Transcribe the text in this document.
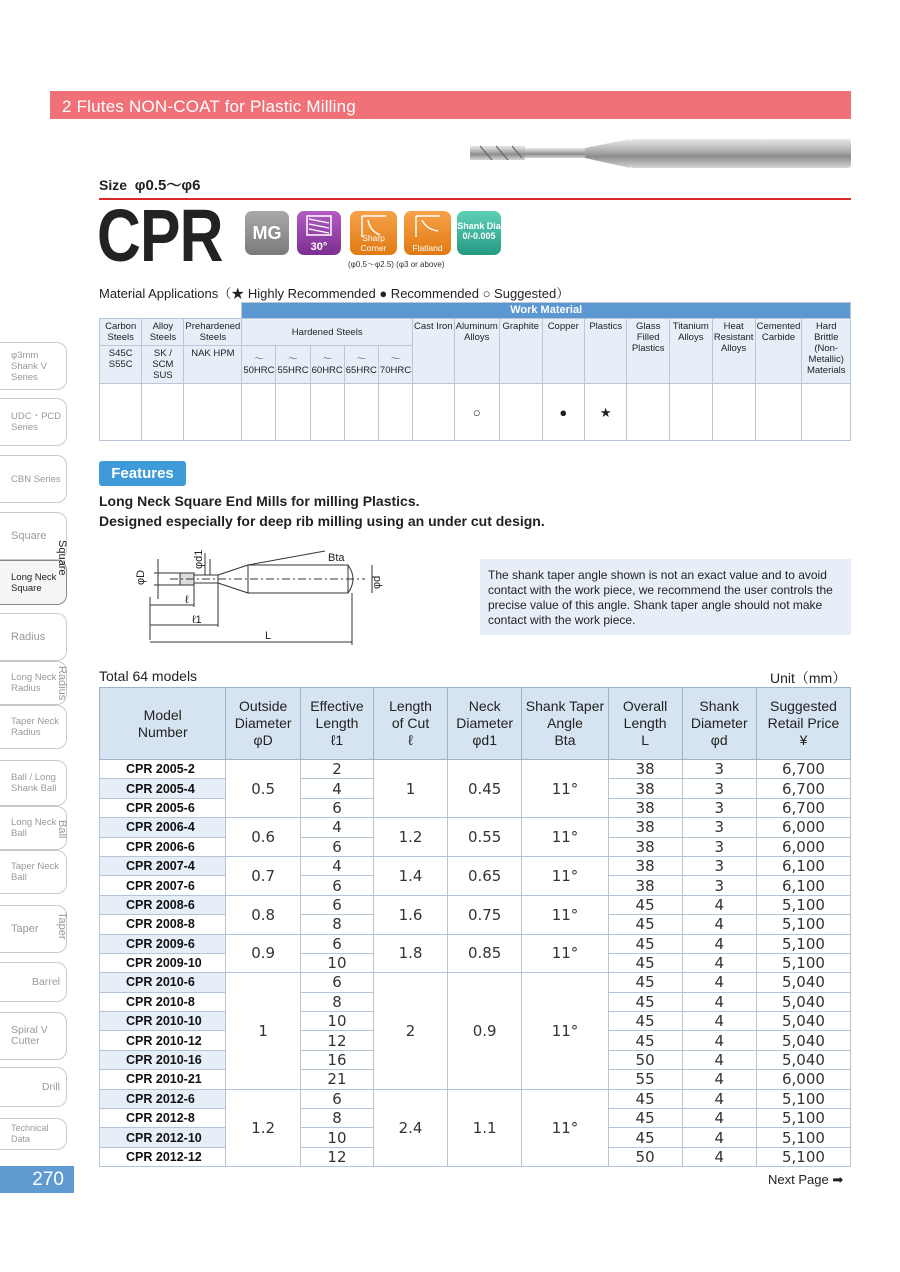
2 Flutes NON-COAT for Plastic Milling
Size φ0.5〜φ6
CPR	MG
30°
Sharp Corner	Flatland
Shank Dia
0/-0.005
(φ0.5〜φ2.5) (φ3 or above)
Material Applications（★ Highly Recommended ● Recommended ○ Suggested）
			Work Material														
Carbon Steels	Alloy Steels	Prehardened Steels	Hardened Steels					Cast Iron	Aluminum Alloys	Graphite	Copper	Plastics	Glass Filled Plastics	Titanium Alloys	Heat Resistant Alloys	Cemented Carbide	Hard Brittle (Non-Metallic) Materials
S45C S55C	SK / SCM SUS	NAK HPM	〜50HRC	〜55HRC	〜60HRC	〜65HRC	〜70HRC										
									○		●	★					
Features
Long Neck Square End Mills for milling Plastics.
Designed especially for deep rib milling using an under cut design.
φD
φd1	Bta
φd
ℓ
ℓ1
L
The shank taper angle shown is not an exact value and to avoid contact with the work piece, we recommend the user controls the precise value of this angle. Shank taper angle should not make contact with the work piece.
φ3mm Shank V Series
UDC・PCD Series
CBN Series
Square
Long Neck Square
Square
Radius
Long Neck Radius
Taper Neck Radius
Radius
Ball / Long Shank Ball
Long Neck Ball
Taper Neck Ball
Ball
Taper	Taper
Barrel
Spiral V Cutter
Drill
Technical Data
270
Total 64 models	Unit（mm）
Model
Number	Outside
Diameter
φD	Effective
Length
ℓ1	Length
of Cut
ℓ	Neck
Diameter
φd1	Shank Taper
Angle
Bta	Overall
Length
L	Shank
Diameter
φd	Suggested
Retail Price
¥
CPR 2005-2	0.5	2	1	0.45	11°	38	3	6,700
CPR 2005-4		4				38	3	6,700
CPR 2005-6		6				38	3	6,700
CPR 2006-4	0.6	4	1.2	0.55	11°	38	3	6,000
CPR 2006-6		6				38	3	6,000
CPR 2007-4	0.7	4	1.4	0.65	11°	38	3	6,100
CPR 2007-6		6				38	3	6,100
CPR 2008-6	0.8	6	1.6	0.75	11°	45	4	5,100
CPR 2008-8		8				45	4	5,100
CPR 2009-6	0.9	6	1.8	0.85	11°	45	4	5,100
CPR 2009-10		10				45	4	5,100
CPR 2010-6	1	6	2	0.9	11°	45	4	5,040
CPR 2010-8		8				45	4	5,040
CPR 2010-10		10				45	4	5,040
CPR 2010-12		12				45	4	5,040
CPR 2010-16		16				50	4	5,040
CPR 2010-21		21				55	4	6,000
CPR 2012-6	1.2	6	2.4	1.1	11°	45	4	5,100
CPR 2012-8		8				45	4	5,100
CPR 2012-10		10				45	4	5,100
CPR 2012-12		12				50	4	5,100
Next Page ➡
